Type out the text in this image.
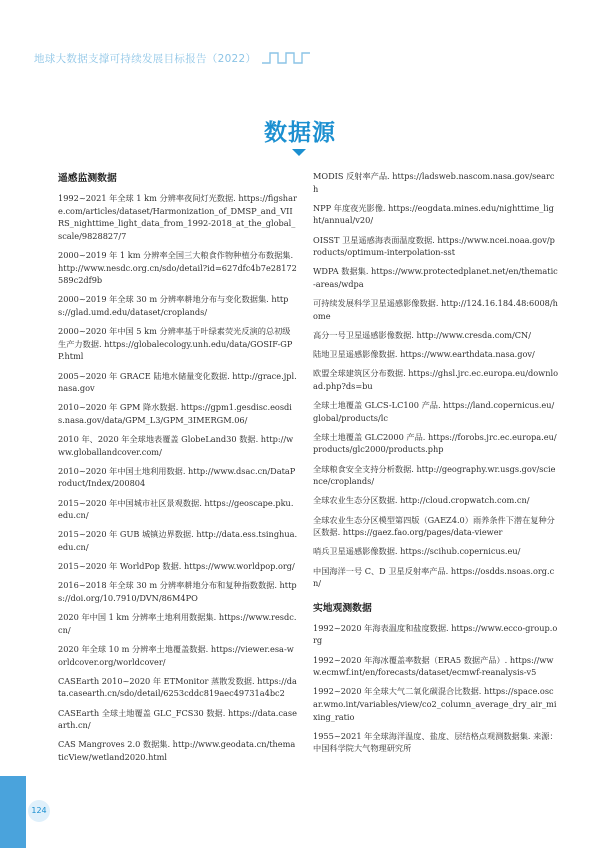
地球大数据支撑可持续发展目标报告（2022）
数据源
遥感监测数据

1992~2021 年全球 1 km 分辨率夜间灯光数据. https://figshare.com/articles/dataset/Harmonization_of_DMSP_and_VIIRS_nighttime_light_data_from_1992-2018_at_the_global_scale/9828827/7

2000~2019 年 1 km 分辨率全国三大粮食作物种植分布数据集. http://www.nesdc.org.cn/sdo/detail?id=627dfc4b7e28172589c2df9b

2000~2019 年全球 30 m 分辨率耕地分布与变化数据集. https://glad.umd.edu/dataset/croplands/

2000~2020 年中国 5 km 分辨率基于叶绿素荧光反演的总初级生产力数据. https://globalecology.unh.edu/data/GOSIF-GPP.html

2005~2020 年 GRACE 陆地水储量变化数据. http://grace.jpl.nasa.gov

2010~2020 年 GPM 降水数据. https://gpm1.gesdisc.eosdis.nasa.gov/data/GPM_L3/GPM_3IMERGM.06/

2010 年、2020 年全球地表覆盖 GlobeLand30 数据. http://www.globallandcover.com/

2010~2020 年中国土地利用数据. http://www.dsac.cn/DataProduct/Index/200804

2015~2020 年中国城市社区景观数据. https://geoscape.pku.edu.cn/

2015~2020 年 GUB 城镇边界数据. http://data.ess.tsinghua.edu.cn/

2015~2020 年 WorldPop 数据. https://www.worldpop.org/

2016~2018 年全球 30 m 分辨率耕地分布和复种指数数据. https://doi.org/10.7910/DVN/86M4PO

2020 年中国 1 km 分辨率土地利用数据集. https://www.resdc.cn/

2020 年全球 10 m 分辨率土地覆盖数据. https://viewer.esa-worldcover.org/worldcover/

CASEarth 2010~2020 年 ETMonitor 蒸散发数据. https://data.casearth.cn/sdo/detail/6253cddc819aec49731a4bc2

CASEarth 全球土地覆盖 GLC_FCS30 数据. https://data.casearth.cn/

CAS Mangroves 2.0 数据集. http://www.geodata.cn/thematicView/wetland2020.html

MODIS 反射率产品. https://ladsweb.nascom.nasa.gov/search

NPP 年度夜光影像. https://eogdata.mines.edu/nighttime_light/annual/v20/

OISST 卫星遥感海表面温度数据. https://www.ncei.noaa.gov/products/optimum-interpolation-sst

WDPA 数据集. https://www.protectedplanet.net/en/thematic-areas/wdpa

可持续发展科学卫星遥感影像数据. http://124.16.184.48:6008/home

高分一号卫星遥感影像数据. http://www.cresda.com/CN/

陆地卫星遥感影像数据. https://www.earthdata.nasa.gov/

欧盟全球建筑区分布数据. https://ghsl.jrc.ec.europa.eu/download.php?ds=bu

全球土地覆盖 GLCS-LC100 产品. https://land.copernicus.eu/global/products/lc

全球土地覆盖 GLC2000 产品. https://forobs.jrc.ec.europa.eu/products/glc2000/products.php

全球粮食安全支持分析数据. http://geography.wr.usgs.gov/science/croplands/

全球农业生态分区数据. http://cloud.cropwatch.com.cn/

全球农业生态分区模型第四版（GAEZ4.0）雨养条件下潜在复种分区数据. https://gaez.fao.org/pages/data-viewer

哨兵卫星遥感影像数据. https://scihub.copernicus.eu/

中国海洋一号 C、D 卫星反射率产品. https://osdds.nsoas.org.cn/

实地观测数据

1992~2020 年海表温度和盐度数据. https://www.ecco-group.org

1992~2020 年海冰覆盖率数据（ERA5 数据产品）. https://www.ecmwf.int/en/forecasts/dataset/ecmwf-reanalysis-v5

1992~2020 年全球大气二氧化碳混合比数据. https://space.oscar.wmo.int/variables/view/co2_column_average_dry_air_mixing_ratio

1955~2021 年全球海洋温度、盐度、层结格点观测数据集. 来源：中国科学院大气物理研究所

124
